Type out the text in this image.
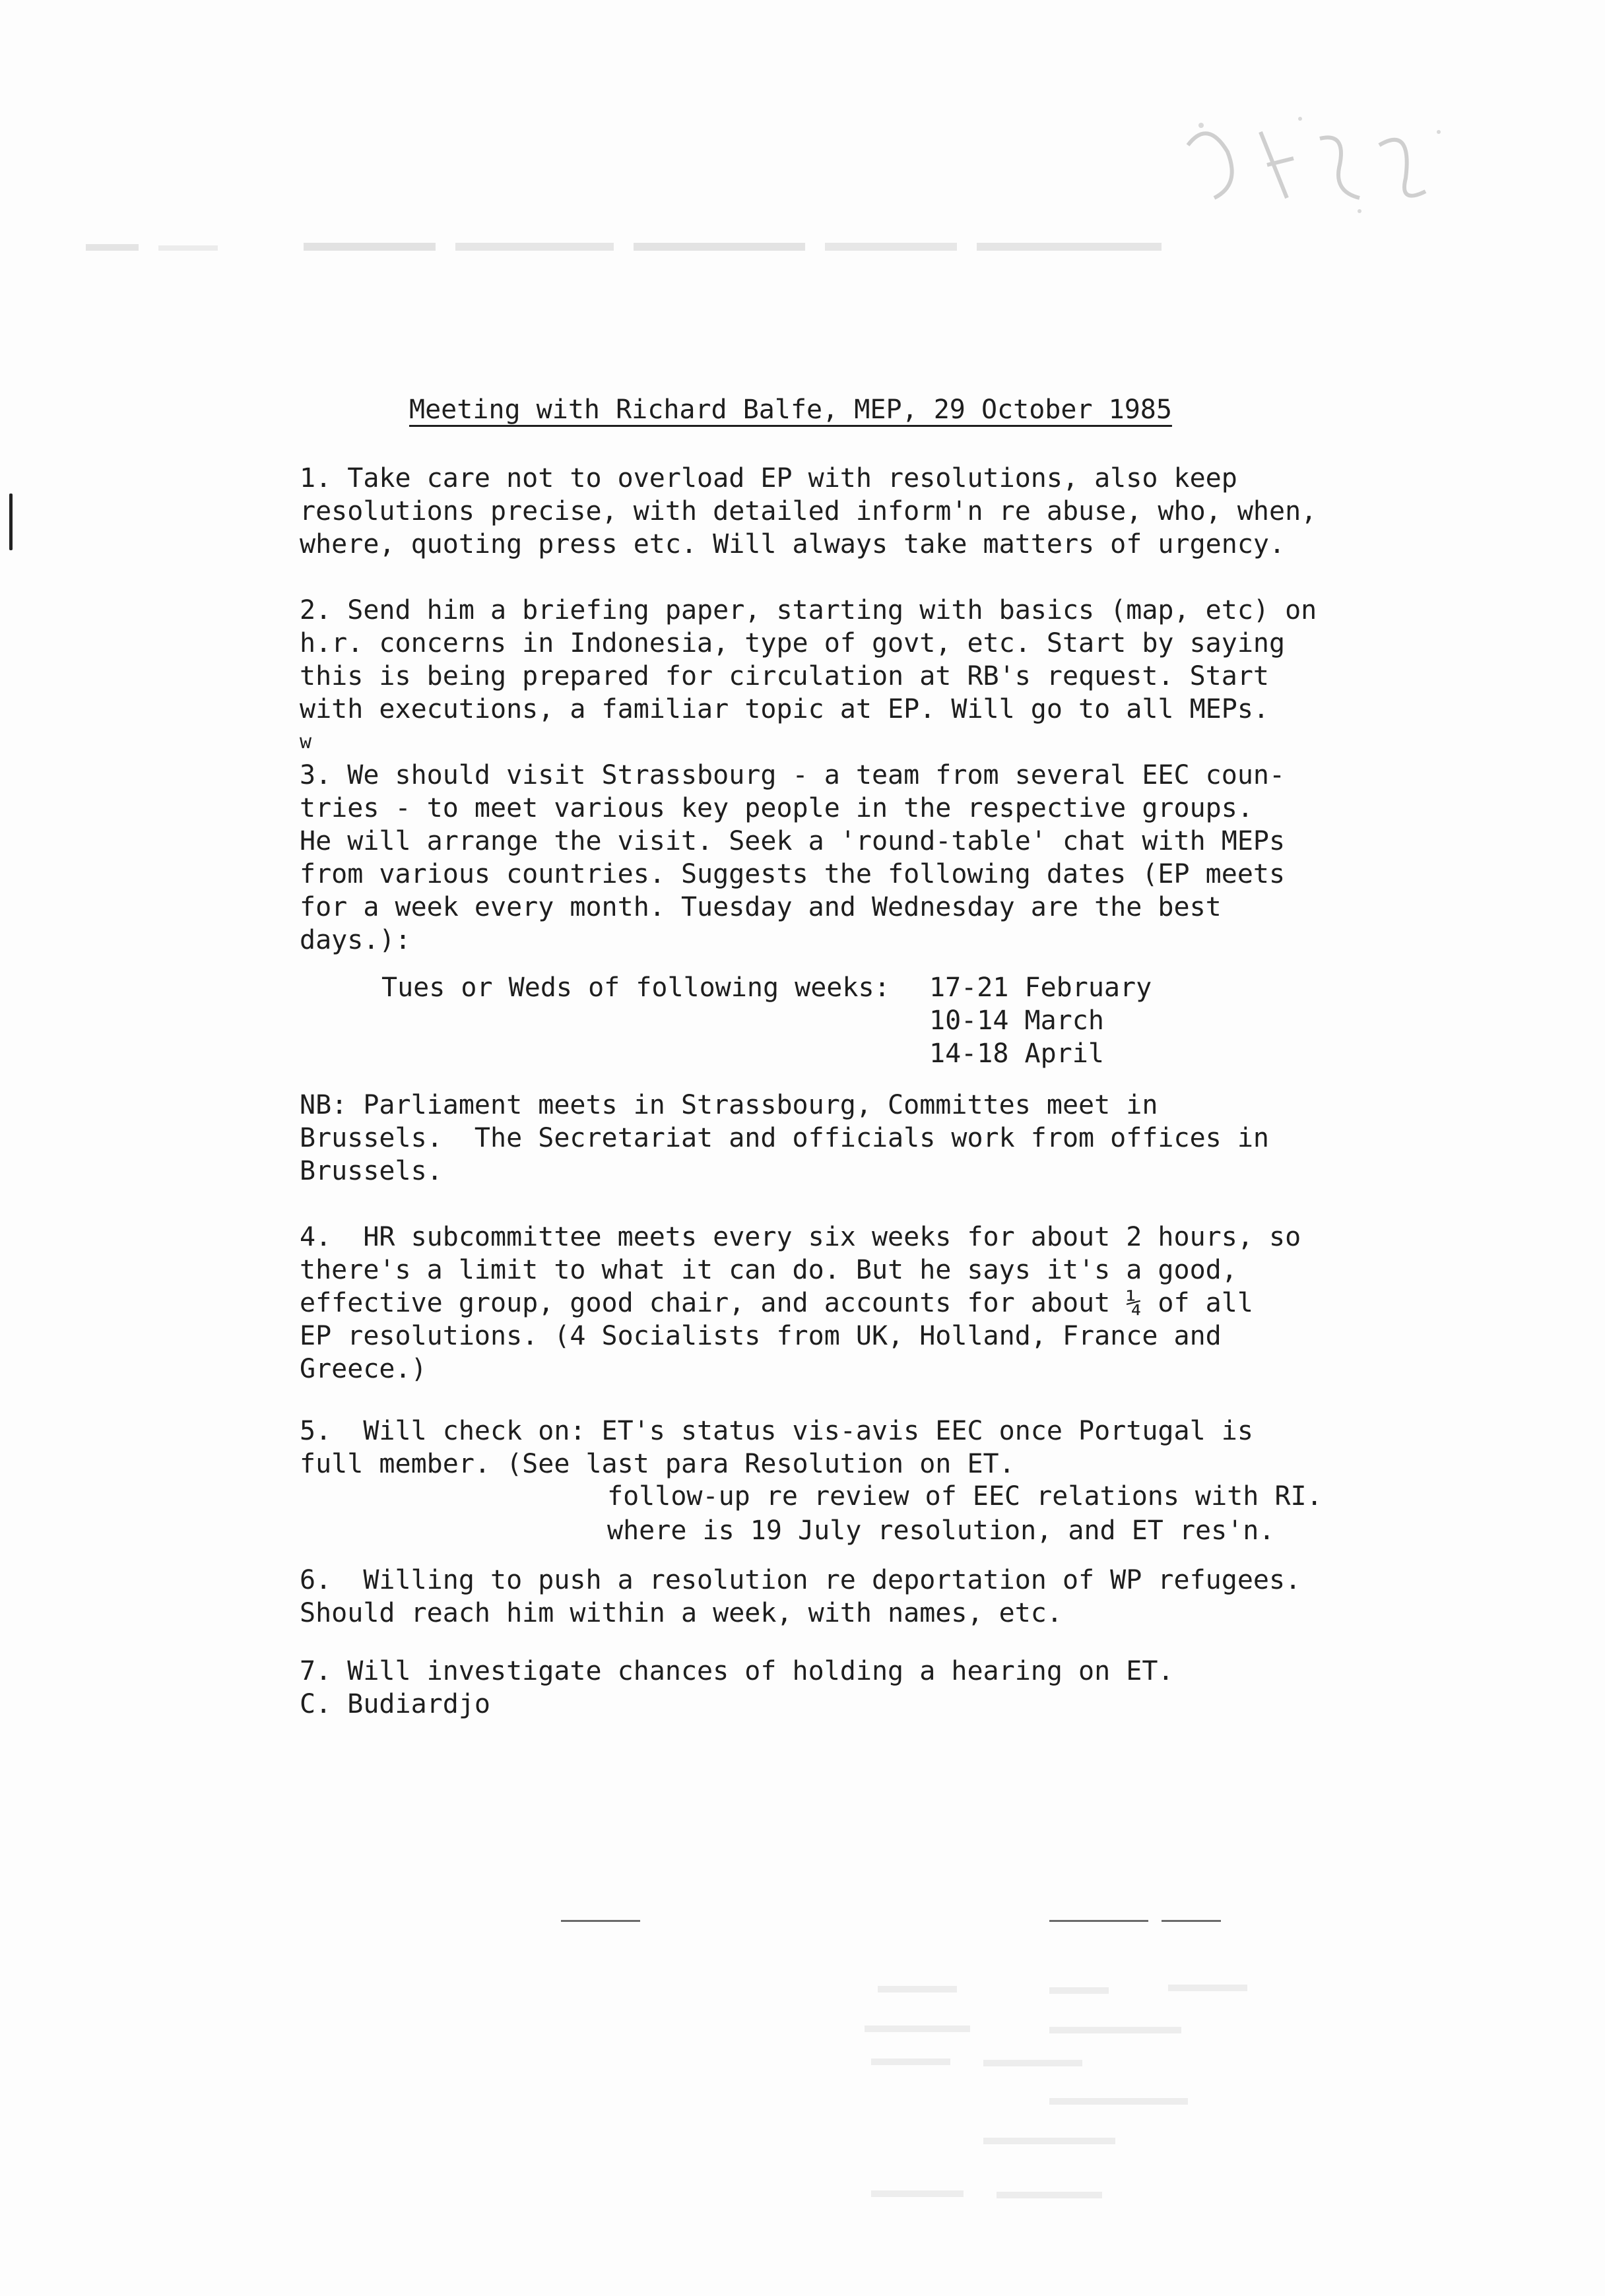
Meeting with Richard Balfe, MEP, 29 October 1985
1. Take care not to overload EP with resolutions, also keep
resolutions precise, with detailed inform'n re abuse, who, when,
where, quoting press etc. Will always take matters of urgency.
2. Send him a briefing paper, starting with basics (map, etc) on
h.r. concerns in Indonesia, type of govt, etc. Start by saying
this is being prepared for circulation at RB's request. Start
with executions, a familiar topic at EP. Will go to all MEPs.
w
3. We should visit Strassbourg - a team from several EEC coun-
tries - to meet various key people in the respective groups.
He will arrange the visit. Seek a 'round-table' chat with MEPs
from various countries. Suggests the following dates (EP meets
for a week every month. Tuesday and Wednesday are the best
days.):
Tues or Weds of following weeks: 17-21 February
10-14 March
14-18 April
NB: Parliament meets in Strassbourg, Committes meet in
Brussels.  The Secretariat and officials work from offices in
Brussels.
4.  HR subcommittee meets every six weeks for about 2 hours, so
there's a limit to what it can do. But he says it's a good,
effective group, good chair, and accounts for about ¼ of all
EP resolutions. (4 Socialists from UK, Holland, France and
Greece.)
5.  Will check on: ET's status vis-avis EEC once Portugal is
full member. (See last para Resolution on ET.
follow-up re review of EEC relations with RI.
where is 19 July resolution, and ET res'n.
6.  Willing to push a resolution re deportation of WP refugees.
Should reach him within a week, with names, etc.
7. Will investigate chances of holding a hearing on ET.
C. Budiardjo
